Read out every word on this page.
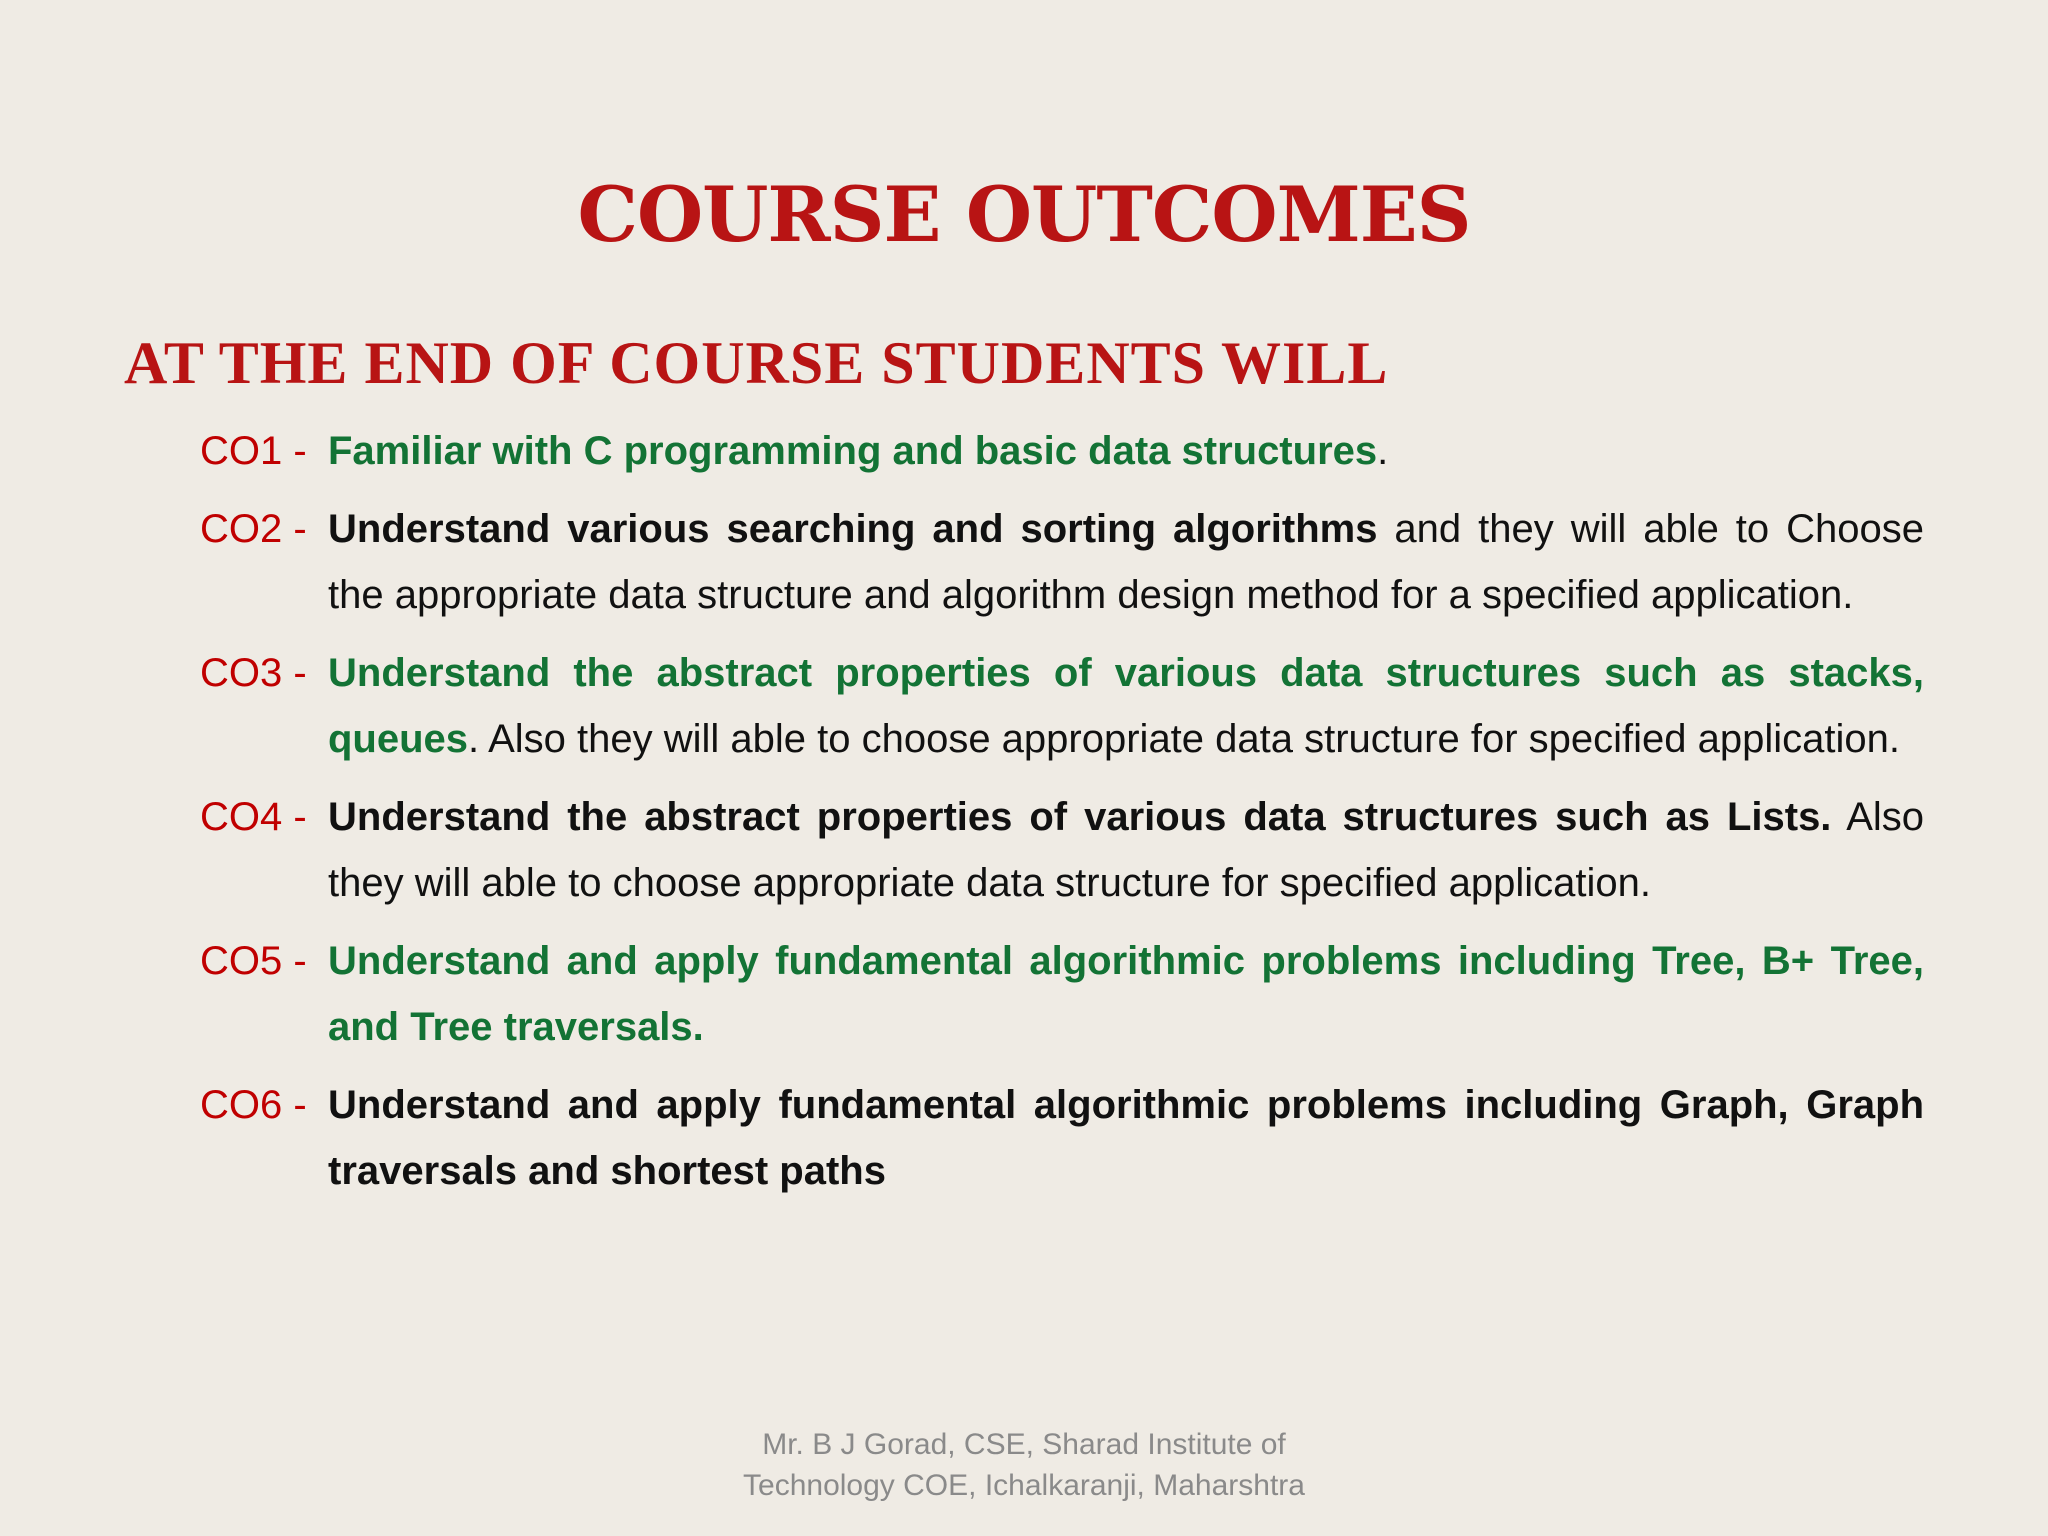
COURSE OUTCOMES
AT THE END OF COURSE STUDENTS WILL
CO1 - Familiar with C programming and basic data structures.
CO2 - Understand various searching and sorting algorithms and they will able to Choose the appropriate data structure and algorithm design method for a specified application.
CO3 - Understand the abstract properties of various data structures such as stacks, queues. Also they will able to choose appropriate data structure for specified application.
CO4 - Understand the abstract properties of various data structures such as Lists. Also they will able to choose appropriate data structure for specified application.
CO5 - Understand and apply fundamental algorithmic problems including Tree, B+ Tree, and Tree traversals.
CO6 - Understand and apply fundamental algorithmic problems including Graph, Graph traversals and shortest paths
Mr. B J Gorad, CSE, Sharad Institute of
Technology COE, Ichalkaranji, Maharshtra
